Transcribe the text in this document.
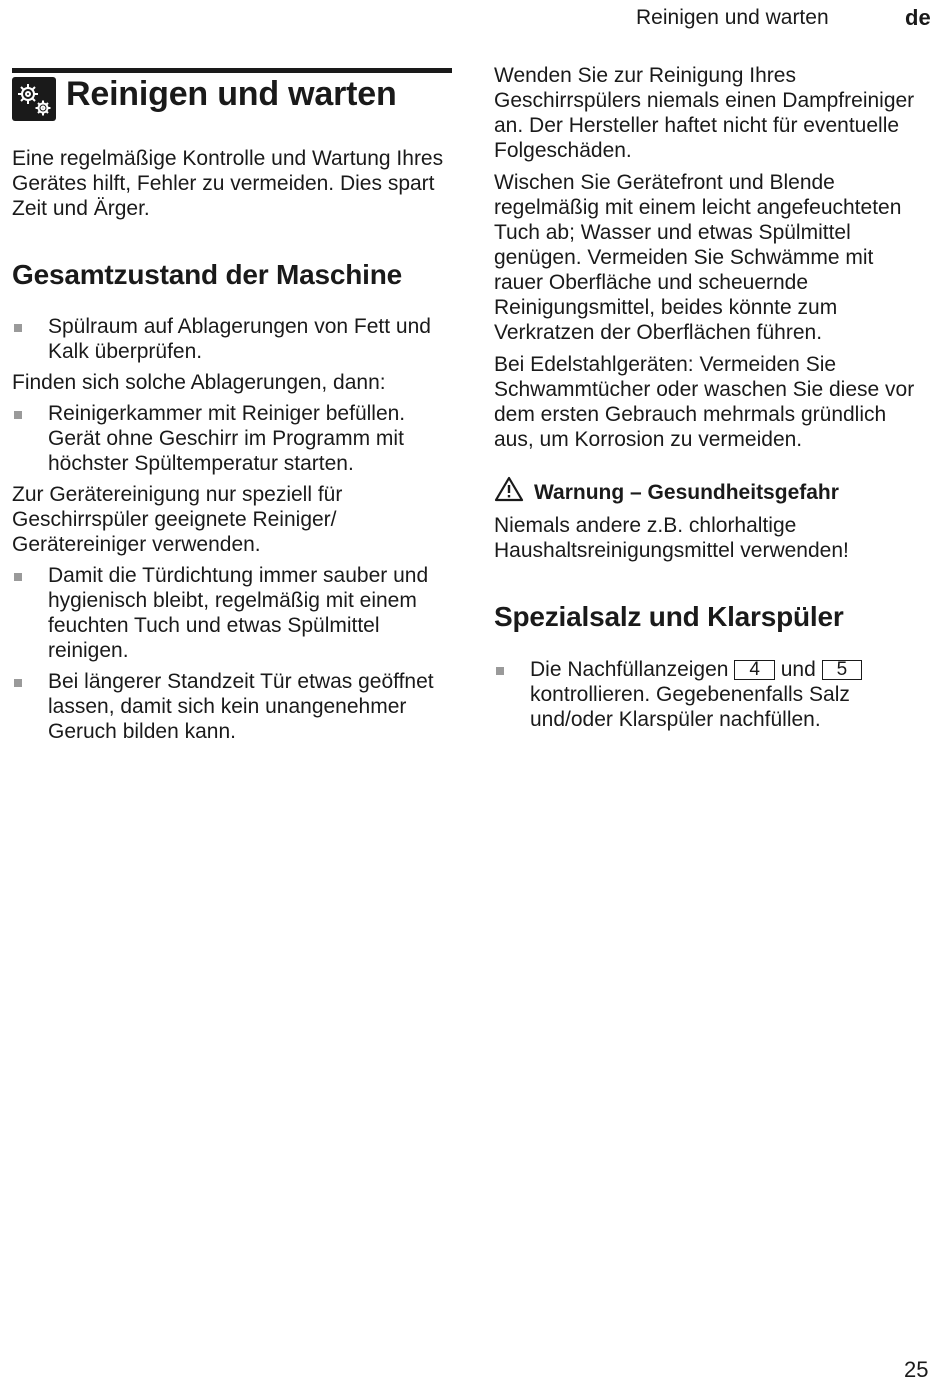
Reinigen und warten	de
Reinigen und warten

Eine regelmäßige Kontrolle und Wartung Ihres Gerätes hilft, Fehler zu vermeiden. Dies spart Zeit und Ärger.

Gesamtzustand der Maschine
Spülraum auf Ablagerungen von Fett und Kalk überprüfen.

Finden sich solche Ablagerungen, dann:

Reinigerkammer mit Reiniger befüllen. Gerät ohne Geschirr im Programm mit höchster Spültemperatur starten.

Zur Gerätereinigung nur speziell für Geschirrspüler geeignete Reiniger/ Gerätereiniger verwenden.

Damit die Türdichtung immer sauber und hygienisch bleibt, regelmäßig mit einem feuchten Tuch und etwas Spülmittel reinigen.
Bei längerer Standzeit Tür etwas geöffnet lassen, damit sich kein unangenehmer Geruch bilden kann.

Wenden Sie zur Reinigung Ihres Geschirrspülers niemals einen Dampfreiniger an. Der Hersteller haftet nicht für eventuelle Folgeschäden.

Wischen Sie Gerätefront und Blende regelmäßig mit einem leicht angefeuchteten Tuch ab; Wasser und etwas Spülmittel genügen. Vermeiden Sie Schwämme mit rauer Oberfläche und scheuernde Reinigungsmittel, beides könnte zum Verkratzen der Oberflächen führen.

Bei Edelstahlgeräten: Vermeiden Sie Schwammtücher oder waschen Sie diese vor dem ersten Gebrauch mehrmals gründlich aus, um Korrosion zu vermeiden.

Warnung – Gesundheitsgefahr

Niemals andere z.B. chlorhaltige Haushaltsreinigungsmittel verwenden!

Spezialsalz und Klarspüler
Die Nachfüllanzeigen 4 und 5 kontrollieren. Gegebenenfalls Salz und/oder Klarspüler nachfüllen.
25
